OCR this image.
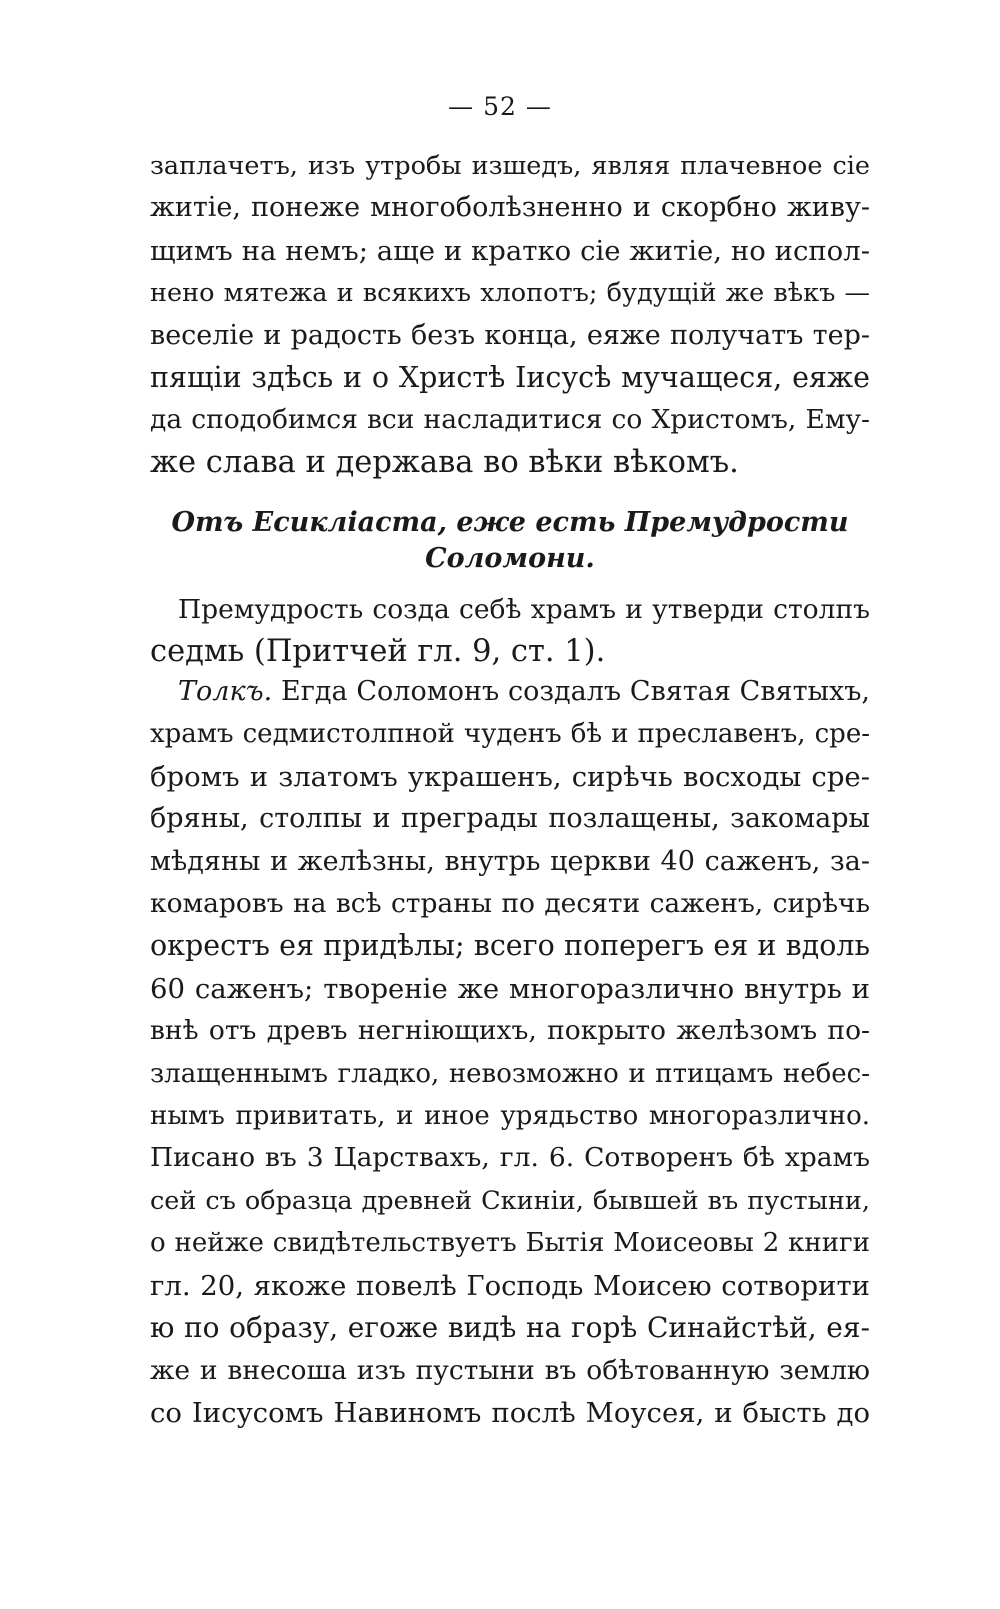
— 52 —
заплачетъ, изъ утробы изшедъ, являя плачевное сіе
житіе, понеже многоболѣзненно и скорбно живу-
щимъ на немъ; аще и кратко сіе житіе, но испол-
нено мятежа и всякихъ хлопотъ; будущій же вѣкъ —
веселіе и радость безъ конца, еяже получатъ тер-
пящіи здѣсь и о Христѣ Іисусѣ мучащеся, еяже
да сподобимся вси насладитися со Христомъ, Ему-
же слава и держава во вѣки вѣкомъ.
Отъ Есикліаста, еже есть Премудрости
Соломони.
Премудрость созда себѣ храмъ и утверди столпъ
седмь (Притчей гл. 9, ст. 1).
Толкъ. Егда Соломонъ создалъ Святая Святыхъ,
храмъ седмистолпной чуденъ бѣ и преславенъ, сре-
бромъ и златомъ украшенъ, сирѣчь восходы сре-
бряны, столпы и преграды позлащены, закомары
мѣдяны и желѣзны, внутрь церкви 40 саженъ, за-
комаровъ на всѣ страны по десяти саженъ, сирѣчь
окрестъ ея придѣлы; всего поперегъ ея и вдоль
60 саженъ; твореніе же многоразлично внутрь и
внѣ отъ древъ негніющихъ, покрыто желѣзомъ по-
злащеннымъ гладко, невозможно и птицамъ небес-
нымъ привитать, и иное урядьство многоразлично.
Писано въ 3 Царствахъ, гл. 6. Сотворенъ бѣ храмъ
сей съ образца древней Скиніи, бывшей въ пустыни,
о нейже свидѣтельствуетъ Бытія Моисеовы 2 книги
гл. 20, якоже повелѣ Господь Моисею сотворити
ю по образу, егоже видѣ на горѣ Синайстѣй, ея-
же и внесоша изъ пустыни въ обѣтованную землю
со Іисусомъ Навиномъ послѣ Моусея, и бысть до
